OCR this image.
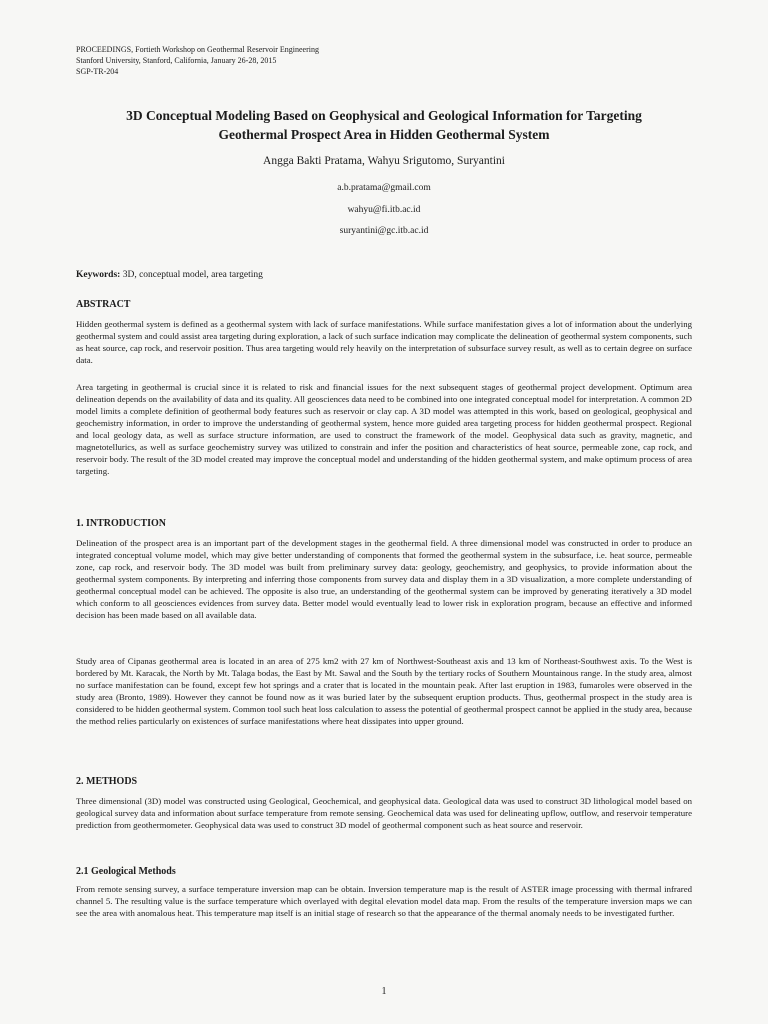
PROCEEDINGS, Fortieth Workshop on Geothermal Reservoir Engineering
Stanford University, Stanford, California, January 26-28, 2015
SGP-TR-204
3D Conceptual Modeling Based on Geophysical and Geological Information for Targeting
Geothermal Prospect Area in Hidden Geothermal System
Angga Bakti Pratama, Wahyu Srigutomo, Suryantini
a.b.pratama@gmail.com
wahyu@fi.itb.ac.id
suryantini@gc.itb.ac.id
Keywords: 3D, conceptual model, area targeting
ABSTRACT
Hidden geothermal system is defined as a geothermal system with lack of surface manifestations. While surface manifestation gives a lot of information about the underlying geothermal system and could assist area targeting during exploration, a lack of such surface indication may complicate the delineation of geothermal system components, such as heat source, cap rock, and reservoir position. Thus area targeting would rely heavily on the interpretation of subsurface survey result, as well as to certain degree on surface data.
Area targeting in geothermal is crucial since it is related to risk and financial issues for the next subsequent stages of geothermal project development. Optimum area delineation depends on the availability of data and its quality. All geosciences data need to be combined into one integrated conceptual model for interpretation. A common 2D model limits a complete definition of geothermal body features such as reservoir or clay cap. A 3D model was attempted in this work, based on geological, geophysical and geochemistry information, in order to improve the understanding of geothermal system, hence more guided area targeting process for hidden geothermal prospect. Regional and local geology data, as well as surface structure information, are used to construct the framework of the model. Geophysical data such as gravity, magnetic, and magnetotellurics, as well as surface geochemistry survey was utilized to constrain and infer the position and characteristics of heat source, permeable zone, cap rock, and reservoir body. The result of the 3D model created may improve the conceptual model and understanding of the hidden geothermal system, and make optimum process of area targeting.
1. INTRODUCTION
Delineation of the prospect area is an important part of the development stages in the geothermal field. A three dimensional model was constructed in order to produce an integrated conceptual volume model, which may give better understanding of components that formed the geothermal system in the subsurface, i.e. heat source, permeable zone, cap rock, and reservoir body. The 3D model was built from preliminary survey data: geology, geochemistry, and geophysics, to provide information about the geothermal system components. By interpreting and inferring those components from survey data and display them in a 3D visualization, a more complete understanding of geothermal conceptual model can be achieved. The opposite is also true, an understanding of the geothermal system can be improved by generating iteratively a 3D model which conform to all geosciences evidences from survey data. Better model would eventually lead to lower risk in exploration program, because an effective and informed decision has been made based on all available data.
Study area of Cipanas geothermal area is located in an area of 275 km2 with 27 km of Northwest-Southeast axis and 13 km of Northeast-Southwest axis. To the West is bordered by Mt. Karacak, the North by Mt. Talaga bodas, the East by Mt. Sawal and the South by the tertiary rocks of Southern Mountainous range. In the study area, almost no surface manifestation can be found, except few hot springs and a crater that is located in the mountain peak. After last eruption in 1983, fumaroles were observed in the study area (Bronto, 1989). However they cannot be found now as it was buried later by the subsequent eruption products. Thus, geothermal prospect in the study area is considered to be hidden geothermal system. Common tool such heat loss calculation to assess the potential of geothermal prospect cannot be applied in the study area, because the method relies particularly on existences of surface manifestations where heat dissipates into upper ground.
2. METHODS
Three dimensional (3D) model was constructed using Geological, Geochemical, and geophysical data. Geological data was used to construct 3D lithological model based on geological survey data and information about surface temperature from remote sensing. Geochemical data was used for delineating upflow, outflow, and reservoir temperature prediction from geothermometer. Geophysical data was used to construct 3D model of geothermal component such as heat source and reservoir.
2.1 Geological Methods
From remote sensing survey, a surface temperature inversion map can be obtain. Inversion temperature map is the result of ASTER image processing with thermal infrared channel 5. The resulting value is the surface temperature which overlayed with degital elevation model data map. From the results of the temperature inversion maps we can see the area with anomalous heat. This temperature map itself is an initial stage of research so that the appearance of the thermal anomaly needs to be investigated further.
1
